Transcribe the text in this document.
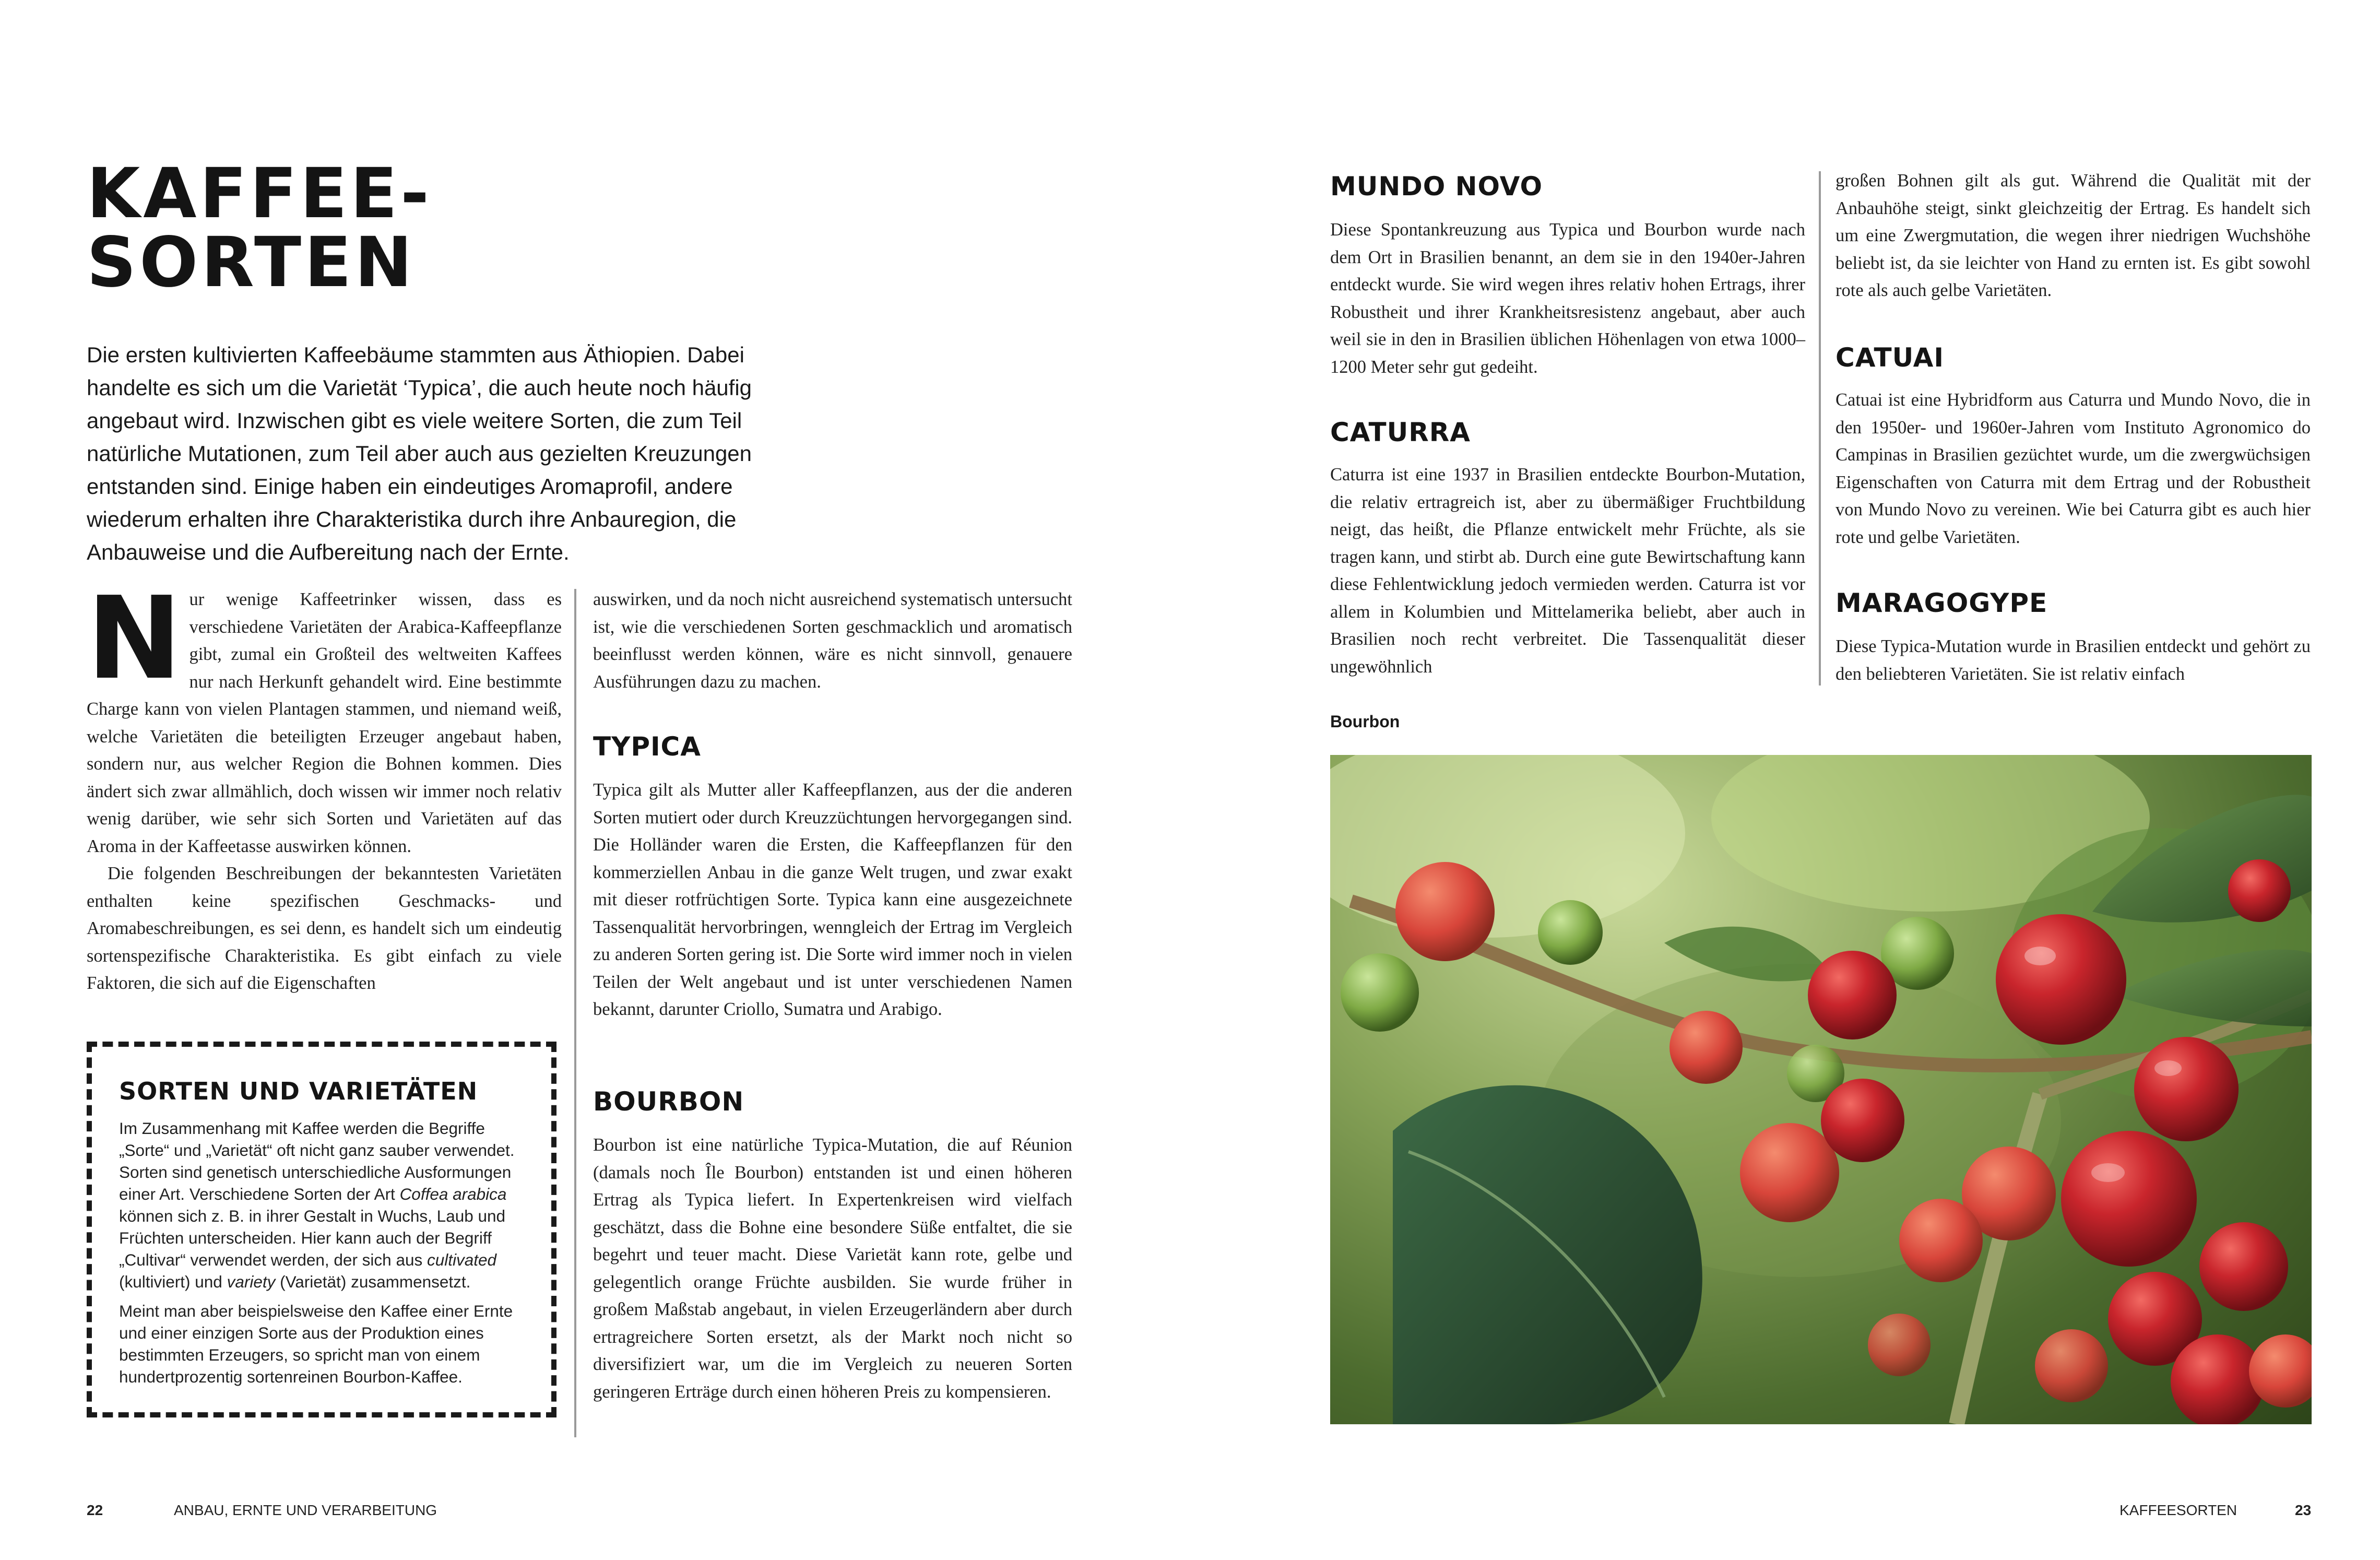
KAFFEE-
SORTEN
Die ersten kultivierten Kaffeebäume stammten aus Äthiopien. Dabei handelte es sich um die Varietät ‘Typica’, die auch heute noch häufig angebaut wird. Inzwischen gibt es viele weitere Sorten, die zum Teil natürliche Mutationen, zum Teil aber auch aus gezielten Kreuzungen entstanden sind. Einige haben ein eindeutiges Aromaprofil, andere wiederum erhalten ihre Charakteristika durch ihre Anbauregion, die Anbauweise und die Aufbereitung nach der Ernte.
N ur wenige Kaffeetrinker wissen, dass es verschiedene Varietäten der Arabica-Kaffeepflanze gibt, zumal ein Großteil des weltweiten Kaffees nur nach Herkunft gehandelt wird. Eine bestimmte Charge kann von vielen Plantagen stammen, und niemand weiß, welche Varietäten die beteiligten Erzeuger angebaut haben, sondern nur, aus welcher Region die Bohnen kommen. Dies ändert sich zwar allmählich, doch wissen wir immer noch relativ wenig darüber, wie sehr sich Sorten und Varietäten auf das Aroma in der Kaffeetasse auswirken können.

Die folgenden Beschreibungen der bekanntesten Varietäten enthalten keine spezifischen Geschmacks- und Aromabeschreibungen, es sei denn, es handelt sich um eindeutig sortenspezifische Charakteristika. Es gibt einfach zu viele Faktoren, die sich auf die Eigenschaften

SORTEN UND VARIETÄTEN

Im Zusammenhang mit Kaffee werden die Begriffe „Sorte“ und „Varietät“ oft nicht ganz sauber verwendet. Sorten sind genetisch unterschiedliche Ausformungen einer Art. Verschiedene Sorten der Art Coffea arabica können sich z. B. in ihrer Gestalt in Wuchs, Laub und Früchten unterscheiden. Hier kann auch der Begriff „Cultivar“ verwendet werden, der sich aus cultivated (kultiviert) und variety (Varietät) zusammensetzt.

Meint man aber beispielsweise den Kaffee einer Ernte und einer einzigen Sorte aus der Produktion eines bestimmten Erzeugers, so spricht man von einem hundertprozentig sortenreinen Bourbon-Kaffee.

auswirken, und da noch nicht ausreichend systematisch untersucht ist, wie die verschiedenen Sorten geschmacklich und aromatisch beeinflusst werden können, wäre es nicht sinnvoll, genauere Ausführungen dazu zu machen.

TYPICA
Typica gilt als Mutter aller Kaffeepflanzen, aus der die anderen Sorten mutiert oder durch Kreuzzüchtungen hervorgegangen sind. Die Holländer waren die Ersten, die Kaffeepflanzen für den kommerziellen Anbau in die ganze Welt trugen, und zwar exakt mit dieser rotfrüchtigen Sorte. Typica kann eine ausgezeichnete Tassenqualität hervorbringen, wenngleich der Ertrag im Vergleich zu anderen Sorten gering ist. Die Sorte wird immer noch in vielen Teilen der Welt angebaut und ist unter verschiedenen Namen bekannt, darunter Criollo, Sumatra und Arabigo.
BOURBON
Bourbon ist eine natürliche Typica-Mutation, die auf Réunion (damals noch Île Bourbon) entstanden ist und einen höheren Ertrag als Typica liefert. In Expertenkreisen wird vielfach geschätzt, dass die Bohne eine besondere Süße entfaltet, die sie begehrt und teuer macht. Diese Varietät kann rote, gelbe und gelegentlich orange Früchte ausbilden. Sie wurde früher in großem Maßstab angebaut, in vielen Erzeugerländern aber durch ertragreichere Sorten ersetzt, als der Markt noch nicht so diversifiziert war, um die im Vergleich zu neueren Sorten geringeren Erträge durch einen höheren Preis zu kompensieren.
MUNDO NOVO
Diese Spontankreuzung aus Typica und Bourbon wurde nach dem Ort in Brasilien benannt, an dem sie in den 1940er-Jahren entdeckt wurde. Sie wird wegen ihres relativ hohen Ertrags, ihrer Robustheit und ihrer Krankheitsresistenz angebaut, aber auch weil sie in den in Brasilien üblichen Höhenlagen von etwa 1000–1200 Meter sehr gut gedeiht.
CATURRA
Caturra ist eine 1937 in Brasilien entdeckte Bourbon-Mutation, die relativ ertragreich ist, aber zu übermäßiger Fruchtbildung neigt, das heißt, die Pflanze entwickelt mehr Früchte, als sie tragen kann, und stirbt ab. Durch eine gute Bewirtschaftung kann diese Fehlentwicklung jedoch vermieden werden. Caturra ist vor allem in Kolumbien und Mittelamerika beliebt, aber auch in Brasilien noch recht verbreitet. Die Tassenqualität dieser ungewöhnlich
großen Bohnen gilt als gut. Während die Qualität mit der Anbauhöhe steigt, sinkt gleichzeitig der Ertrag. Es handelt sich um eine Zwergmutation, die wegen ihrer niedrigen Wuchshöhe beliebt ist, da sie leichter von Hand zu ernten ist. Es gibt sowohl rote als auch gelbe Varietäten.
CATUAI
Catuai ist eine Hybridform aus Caturra und Mundo Novo, die in den 1950er- und 1960er-Jahren vom Instituto Agronomico do Campinas in Brasilien gezüchtet wurde, um die zwergwüchsigen Eigenschaften von Caturra mit dem Ertrag und der Robustheit von Mundo Novo zu vereinen. Wie bei Caturra gibt es auch hier rote und gelbe Varietäten.
MARAGOGYPE
Diese Typica-Mutation wurde in Brasilien entdeckt und gehört zu den beliebteren Varietäten. Sie ist relativ einfach
Bourbon
22	ANBAU, ERNTE UND VERARBEITUNG	KAFFEESORTEN	23
